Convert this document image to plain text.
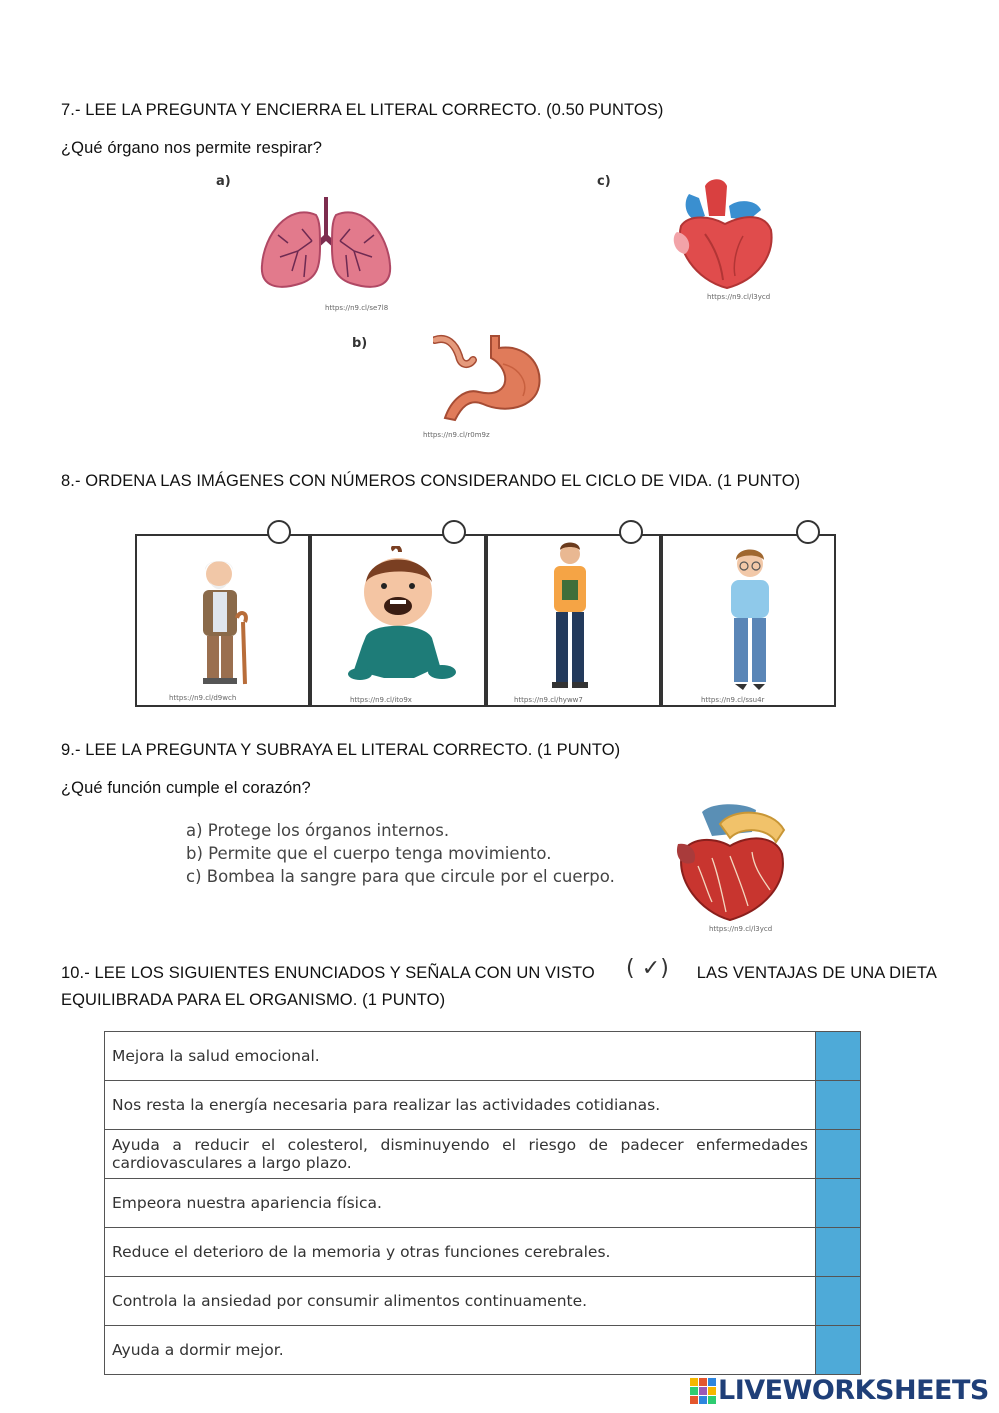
7.- LEE LA PREGUNTA Y ENCIERRA EL LITERAL CORRECTO. (0.50 PUNTOS)
¿Qué órgano nos permite respirar?
a)
https://n9.cl/se7l8
c)
https://n9.cl/l3ycd
b)
https://n9.cl/r0m9z
8.- ORDENA LAS IMÁGENES CON NÚMEROS CONSIDERANDO EL CICLO DE VIDA. (1 PUNTO)
https://n9.cl/d9wch	https://n9.cl/ito9x	https://n9.cl/hyww7	https://n9.cl/ssu4r
9.- LEE LA PREGUNTA Y SUBRAYA EL LITERAL CORRECTO. (1 PUNTO)
¿Qué función cumple el corazón?
a) Protege los órganos internos.
b) Permite que el cuerpo tenga movimiento.
c) Bombea la sangre para que circule por el cuerpo.
https://n9.cl/l3ycd
10.- LEE LOS SIGUIENTES ENUNCIADOS Y SEÑALA CON UN VISTO ( ✓) LAS VENTAJAS DE UNA DIETA
EQUILIBRADA PARA EL ORGANISMO. (1 PUNTO)
Mejora la salud emocional.	
Nos resta la energía necesaria para realizar las actividades cotidianas.	
Ayuda a reducir el colesterol, disminuyendo el riesgo de padecer enfermedades cardiovasculares a largo plazo.	
Empeora nuestra apariencia física.	
Reduce el deterioro de la memoria y otras funciones cerebrales.	
Controla la ansiedad por consumir alimentos continuamente.	
Ayuda a dormir mejor.	
LIVEWORKSHEETS
